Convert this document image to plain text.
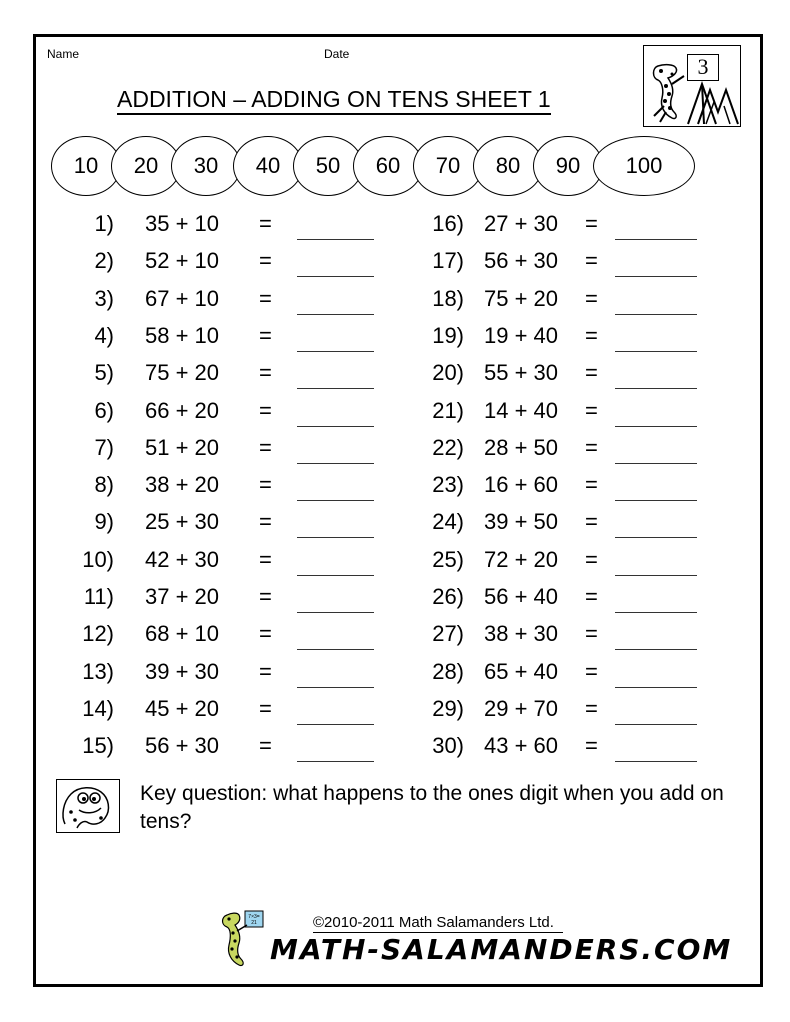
Name	Date
ADDITION – ADDING ON TENS SHEET 1
3
10	20	30	40	50	60	70	80	90	100
1) 35 + 10 =
2) 52 + 10 =
3) 67 + 10 =
4) 58 + 10 =
5) 75 + 20 =
6) 66 + 20 =
7) 51 + 20 =
8) 38 + 20 =
9) 25 + 30 =
10) 42 + 30 =
11) 37 + 20 =
12) 68 + 10 =
13) 39 + 30 =
14) 45 + 20 =
15) 56 + 30 =
16) 27 + 30 =
17) 56 + 30 =
18) 75 + 20 =
19) 19 + 40 =
20) 55 + 30 =
21) 14 + 40 =
22) 28 + 50 =
23) 16 + 60 =
24) 39 + 50 =
25) 72 + 20 =
26) 56 + 40 =
27) 38 + 30 =
28) 65 + 40 =
29) 29 + 70 =
30) 43 + 60 =
Key question: what happens to the ones digit when you add on tens?
7×3=
21	©2010-2011 Math Salamanders Ltd.
MATH-SALAMANDERS.COM
